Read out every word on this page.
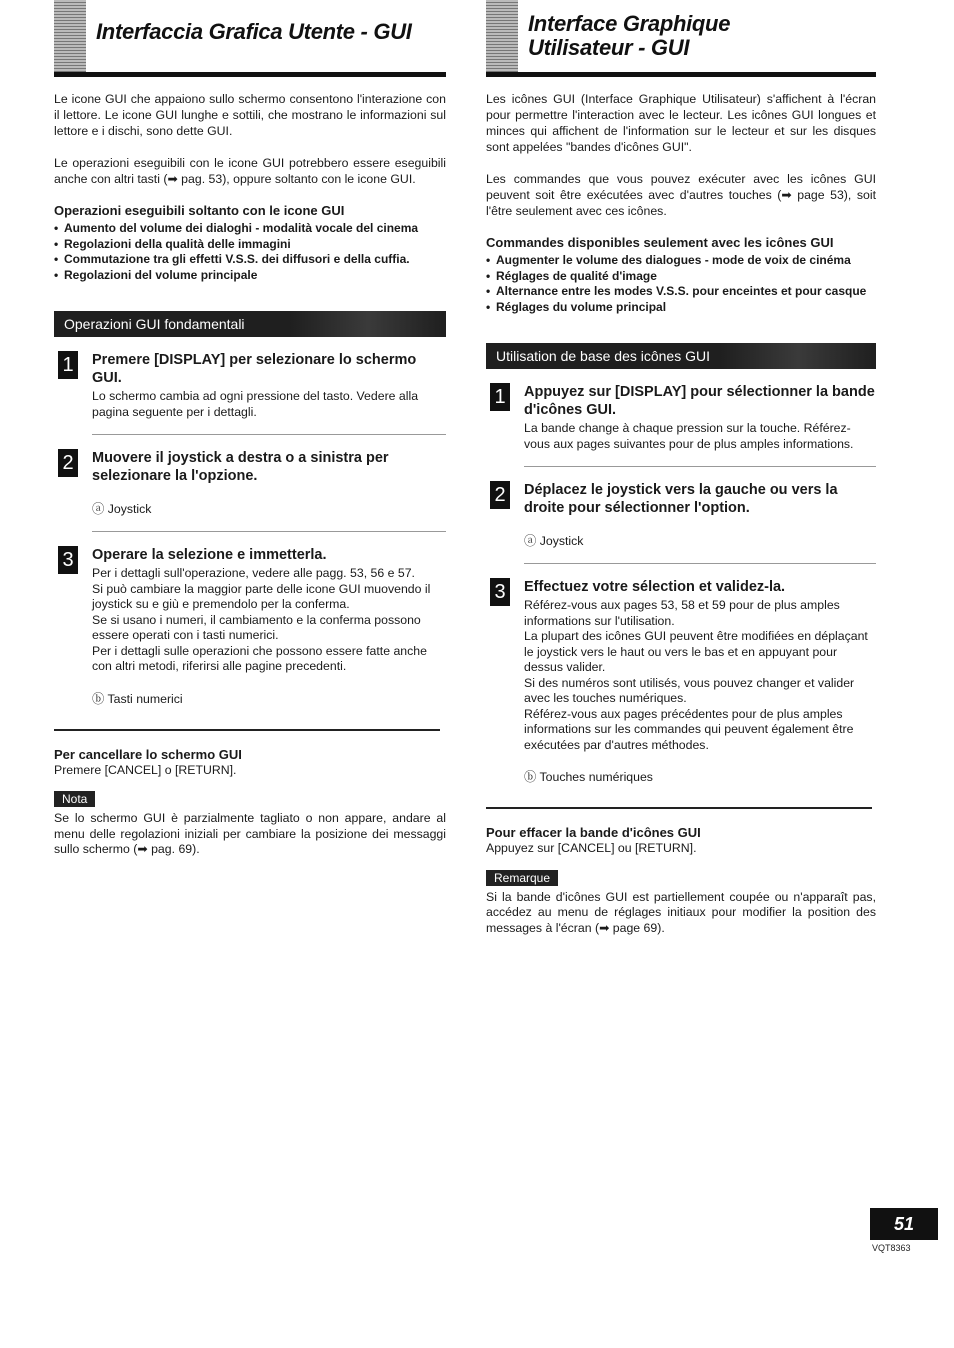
Interfaccia Grafica Utente - GUI

Le icone GUI che appaiono sullo schermo consentono l'interazione con il lettore. Le icone GUI lunghe e sottili, che mostrano le informazioni sul lettore e i dischi, sono dette GUI.

Le operazioni eseguibili con le icone GUI potrebbero essere eseguibili anche con altri tasti (➡ pag. 53), oppure soltanto con le icone GUI.

Operazioni eseguibili soltanto con le icone GUI
• Aumento del volume dei dialoghi - modalità vocale del cinema
• Regolazioni della qualità delle immagini
• Commutazione tra gli effetti V.S.S. dei diffusori e della cuffia.
• Regolazioni del volume principale
Operazioni GUI fondamentali
1	Premere [DISPLAY] per selezionare lo schermo GUI.

Lo schermo cambia ad ogni pressione del tasto. Vedere alla pagina seguente per i dettagli.

2	Muovere il joystick a destra o a sinistra per selezionare la l'opzione.
ⓐ Joystick
3	Operare la selezione e immetterla.
Per i dettagli sull'operazione, vedere alle pagg. 53, 56 e 57.
Si può cambiare la maggior parte delle icone GUI muovendo il joystick su e giù e premendolo per la conferma.
Se si usano i numeri, il cambiamento e la conferma possono essere operati con i tasti numerici.
Per i dettagli sulle operazioni che possono essere fatte anche con altri metodi, riferirsi alle pagine precedenti.
ⓑ Tasti numerici
Per cancellare lo schermo GUI

Premere [CANCEL] o [RETURN].

Nota

Se lo schermo GUI è parzialmente tagliato o non appare, andare al menu delle regolazioni iniziali per cambiare la posizione dei messaggi sullo schermo (➡ pag. 69).

Interface Graphique
Utilisateur - GUI

Les icônes GUI (Interface Graphique Utilisateur) s'affichent à l'écran pour permettre l'interaction avec le lecteur. Les icônes GUI longues et minces qui affichent de l'information sur le lecteur et sur les disques sont appelées "bandes d'icônes GUI".

Les commandes que vous pouvez exécuter avec les icônes GUI peuvent soit être exécutées avec d'autres touches (➡ page 53), soit l'être seulement avec ces icônes.

Commandes disponibles seulement avec les icônes GUI
• Augmenter le volume des dialogues - mode de voix de cinéma
• Réglages de qualité d'image
• Alternance entre les modes V.S.S. pour enceintes et pour casque
• Réglages du volume principal
Utilisation de base des icônes GUI
1	Appuyez sur [DISPLAY] pour sélectionner la bande d'icônes GUI.

La bande change à chaque pression sur la touche. Référez-vous aux pages suivantes pour de plus amples informations.

2	Déplacez le joystick vers la gauche ou vers la droite pour sélectionner l'option.
ⓐ Joystick
3	Effectuez votre sélection et validez-la.
Référez-vous aux pages 53, 58 et 59 pour de plus amples informations sur l'utilisation.
La plupart des icônes GUI peuvent être modifiées en déplaçant le joystick vers le haut ou vers le bas et en appuyant pour dessus valider.
Si des numéros sont utilisés, vous pouvez changer et valider avec les touches numériques.
Référez-vous aux pages précédentes pour de plus amples informations sur les commandes qui peuvent également être exécutées par d'autres méthodes.
ⓑ Touches numériques
Pour effacer la bande d'icônes GUI

Appuyez sur [CANCEL] ou [RETURN].

Remarque

Si la bande d'icônes GUI est partiellement coupée ou n'apparaît pas, accédez au menu de réglages initiaux pour modifier la position des messages à l'écran (➡ page 69).

51
VQT8363
